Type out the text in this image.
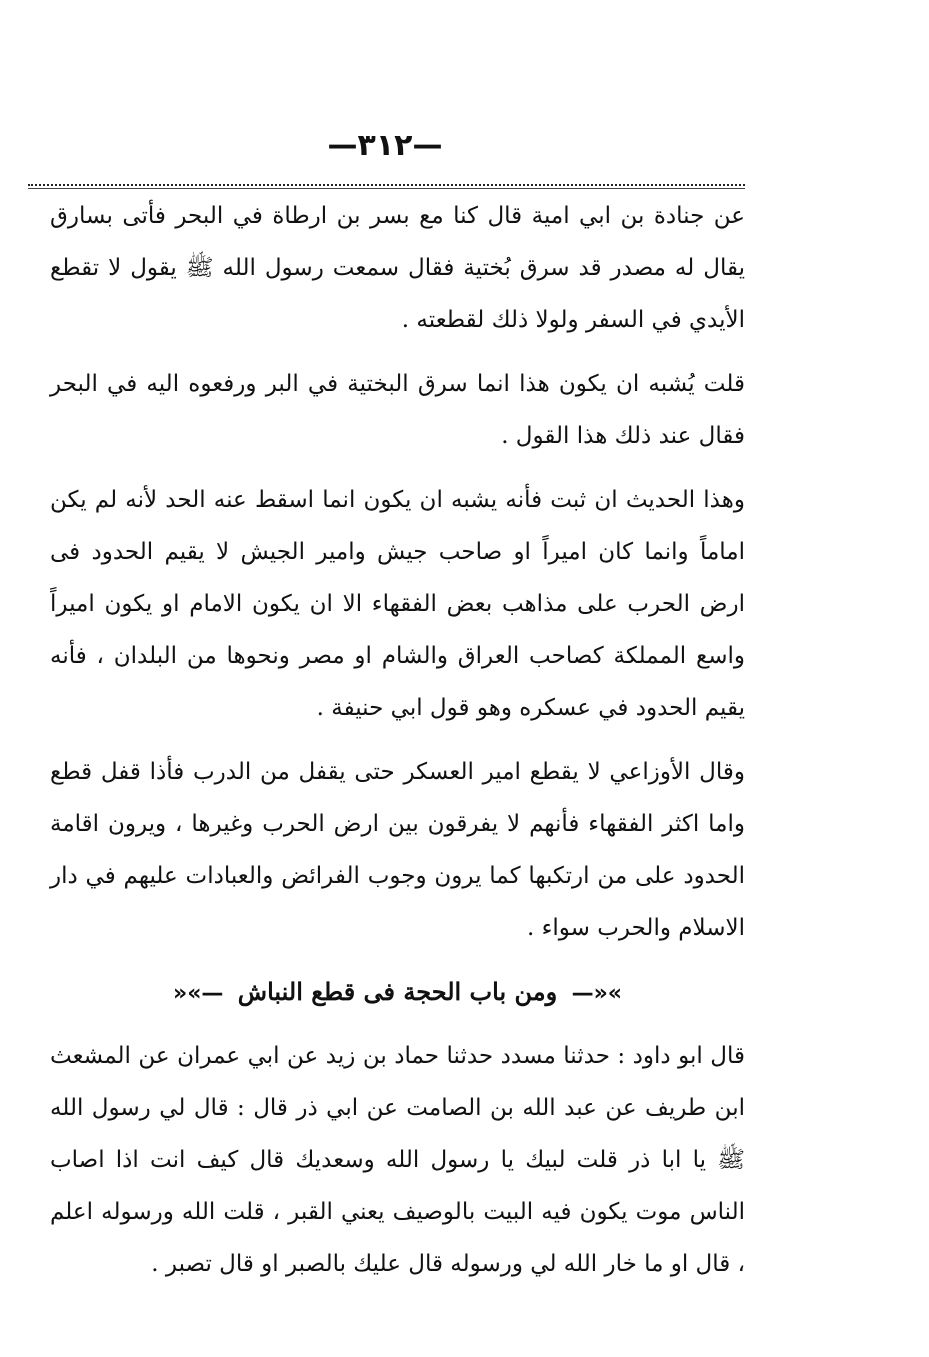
—٣١٢—

عن جنادة بن ابي امية قال كنا مع بسر بن ارطاة في البحر فأتى بسارق يقال له مصدر قد سرق بُختية فقال سمعت رسول الله ﷺ يقول لا تقطع الأيدي في السفر ولولا ذلك لقطعته .

قلت يُشبه ان يكون هذا انما سرق البختية في البر ورفعوه اليه في البحر فقال عند ذلك هذا القول .

وهذا الحديث ان ثبت فأنه يشبه ان يكون انما اسقط عنه الحد لأنه لم يكن اماماً وانما كان اميراً او صاحب جيش وامير الجيش لا يقيم الحدود فى ارض الحرب على مذاهب بعض الفقهاء الا ان يكون الامام او يكون اميراً واسع المملكة كصاحب العراق والشام او مصر ونحوها من البلدان ، فأنه يقيم الحدود في عسكره وهو قول ابي حنيفة .

وقال الأوزاعي لا يقطع امير العسكر حتى يقفل من الدرب فأذا قفل قطع واما اكثر الفقهاء فأنهم لا يفرقون بين ارض الحرب وغيرها ، ويرون اقامة الحدود على من ارتكبها كما يرون وجوب الفرائض والعبادات عليهم في دار الاسلام والحرب سواء .

»«— ومن باب الحجة فى قطع النباش —»«

قال ابو داود : حدثنا مسدد حدثنا حماد بن زيد عن ابي عمران عن المشعث ابن طريف عن عبد الله بن الصامت عن ابي ذر قال : قال لي رسول الله ﷺ يا ابا ذر قلت لبيك يا رسول الله وسعديك قال كيف انت اذا اصاب الناس موت يكون فيه البيت بالوصيف يعني القبر ، قلت الله ورسوله اعلم ، قال او ما خار الله لي ورسوله قال عليك بالصبر او قال تصبر .
